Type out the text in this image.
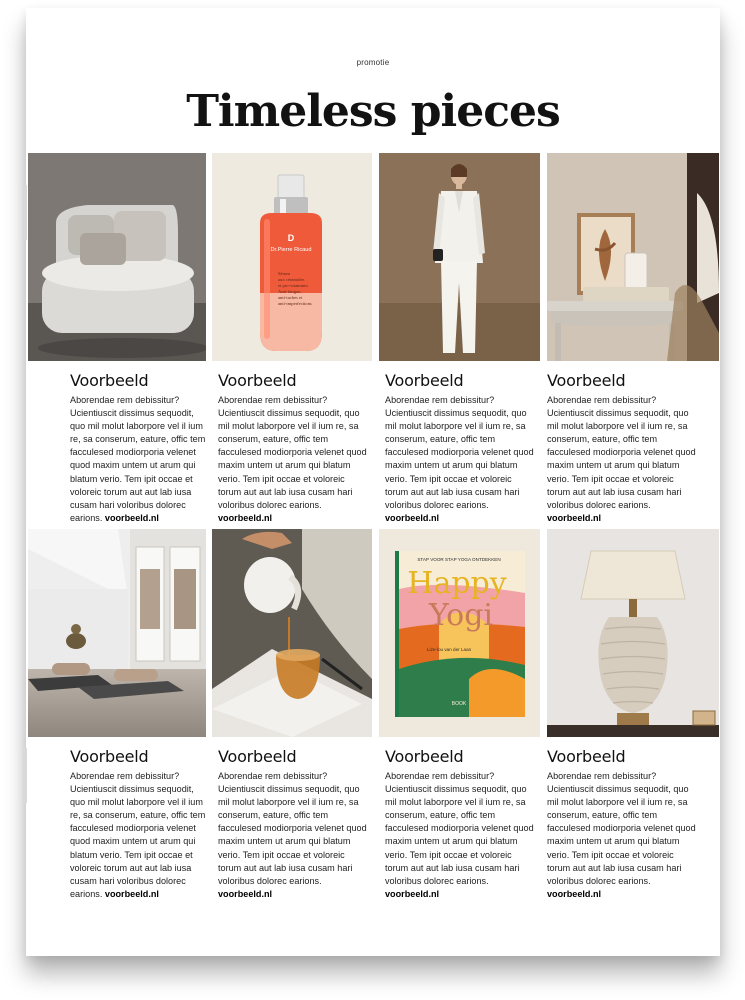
promotie
Timeless pieces
Voorbeeld
Aborendae rem debissitur? Ucientiuscit dissimus sequodit, quo mil molut laborpore vel il ium re, sa conserum, eature, offic tem facculesed modiorporia velenet quod maxim untem ut arum qui blatum verio. Tem ipit occae et voloreic torum aut aut lab iusa cusam hari voloribus dolorec earions. voorbeeld.nl
D
Dr.Pierre Ricaud
Sérum
aux céramides
et pro-vitamines
Anti-fatigue,
anti-taches et
anti-imperfections
Voorbeeld
Aborendae rem debissitur? Ucientiuscit dissimus sequodit, quo mil molut laborpore vel il ium re, sa conserum, eature, offic tem facculesed modiorporia velenet quod maxim untem ut arum qui blatum verio. Tem ipit occae et voloreic torum aut aut lab iusa cusam hari voloribus dolorec earions. voorbeeld.nl
Voorbeeld
Aborendae rem debissitur? Ucientiuscit dissimus sequodit, quo mil molut laborpore vel il ium re, sa conserum, eature, offic tem facculesed modiorporia velenet quod maxim untem ut arum qui blatum verio. Tem ipit occae et voloreic torum aut aut lab iusa cusam hari voloribus dolorec earions. voorbeeld.nl
Voorbeeld
Aborendae rem debissitur? Ucientiuscit dissimus sequodit, quo mil molut laborpore vel il ium re, sa conserum, eature, offic tem facculesed modiorporia velenet quod maxim untem ut arum qui blatum verio. Tem ipit occae et voloreic torum aut aut lab iusa cusam hari voloribus dolorec earions. voorbeeld.nl
Voorbeeld
Aborendae rem debissitur? Ucientiuscit dissimus sequodit, quo mil molut laborpore vel il ium re, sa conserum, eature, offic tem facculesed modiorporia velenet quod maxim untem ut arum qui blatum verio. Tem ipit occae et voloreic torum aut aut lab iusa cusam hari voloribus dolorec earions. voorbeeld.nl
Voorbeeld
Aborendae rem debissitur? Ucientiuscit dissimus sequodit, quo mil molut laborpore vel il ium re, sa conserum, eature, offic tem facculesed modiorporia velenet quod maxim untem ut arum qui blatum verio. Tem ipit occae et voloreic torum aut aut lab iusa cusam hari voloribus dolorec earions. voorbeeld.nl
STAP VOOR STAP YOGA ONTDEKKEN
Happy
Yogi
Lize-lou van der Laan
BOOK
Voorbeeld
Aborendae rem debissitur? Ucientiuscit dissimus sequodit, quo mil molut laborpore vel il ium re, sa conserum, eature, offic tem facculesed modiorporia velenet quod maxim untem ut arum qui blatum verio. Tem ipit occae et voloreic torum aut aut lab iusa cusam hari voloribus dolorec earions. voorbeeld.nl
Voorbeeld
Aborendae rem debissitur? Ucientiuscit dissimus sequodit, quo mil molut laborpore vel il ium re, sa conserum, eature, offic tem facculesed modiorporia velenet quod maxim untem ut arum qui blatum verio. Tem ipit occae et voloreic torum aut aut lab iusa cusam hari voloribus dolorec earions. voorbeeld.nl
